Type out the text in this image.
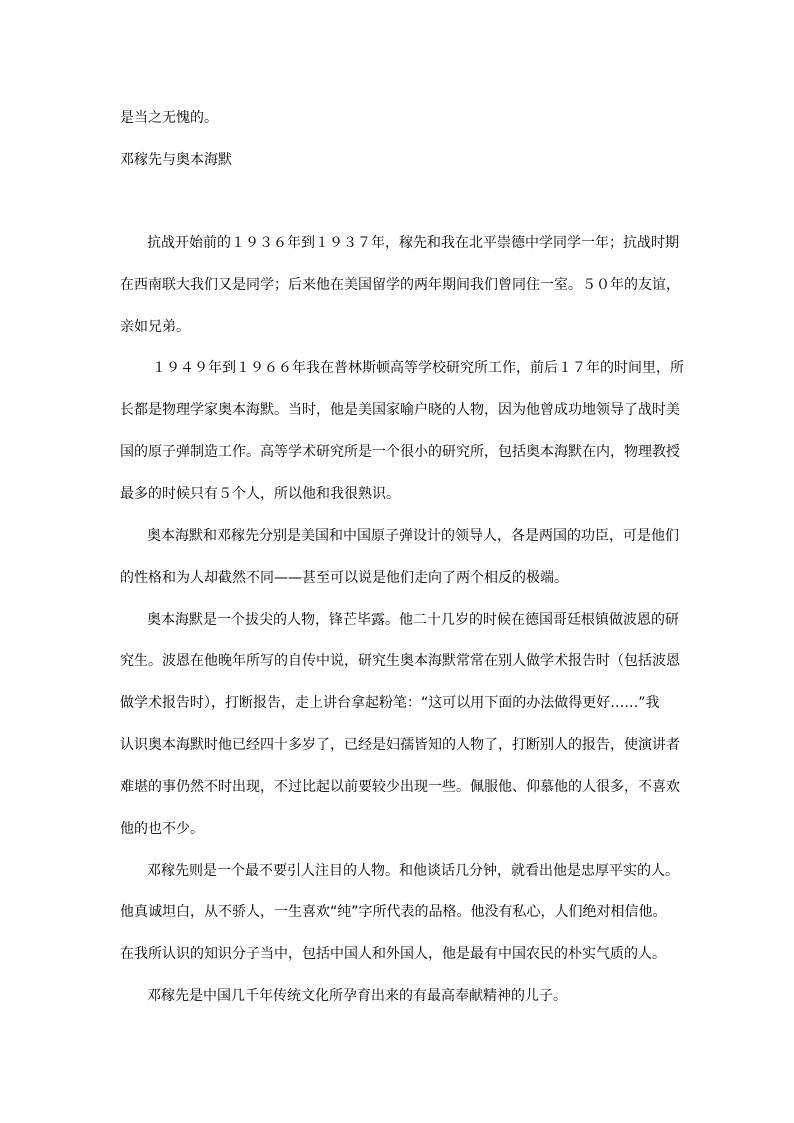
是当之无愧的。
邓稼先与奥本海默
抗战开始前的１９３６年到１９３７年，稼先和我在北平崇德中学同学一年；抗战时期
在西南联大我们又是同学；后来他在美国留学的两年期间我们曾同住一室。５０年的友谊，
亲如兄弟。
１９４９年到１９６６年我在普林斯顿高等学校研究所工作，前后１７年的时间里，所
长都是物理学家奥本海默。当时，他是美国家喻户晓的人物，因为他曾成功地领导了战时美
国的原子弹制造工作。高等学术研究所是一个很小的研究所，包括奥本海默在内，物理教授
最多的时候只有５个人，所以他和我很熟识。
奥本海默和邓稼先分别是美国和中国原子弹设计的领导人，各是两国的功臣，可是他们
的性格和为人却截然不同——甚至可以说是他们走向了两个相反的极端。
奥本海默是一个拔尖的人物，锋芒毕露。他二十几岁的时候在德国哥廷根镇做波恩的研
究生。波恩在他晚年所写的自传中说，研究生奥本海默常常在别人做学术报告时（包括波恩
做学术报告时），打断报告，走上讲台拿起粉笔：“这可以用下面的办法做得更好……”我
认识奥本海默时他已经四十多岁了，已经是妇孺皆知的人物了，打断别人的报告，使演讲者
难堪的事仍然不时出现，不过比起以前要较少出现一些。佩服他、仰慕他的人很多，不喜欢
他的也不少。
邓稼先则是一个最不要引人注目的人物。和他谈话几分钟，就看出他是忠厚平实的人。
他真诚坦白，从不骄人，一生喜欢“纯”字所代表的品格。他没有私心，人们绝对相信他。
在我所认识的知识分子当中，包括中国人和外国人，他是最有中国农民的朴实气质的人。
邓稼先是中国几千年传统文化所孕育出来的有最高奉献精神的儿子。
